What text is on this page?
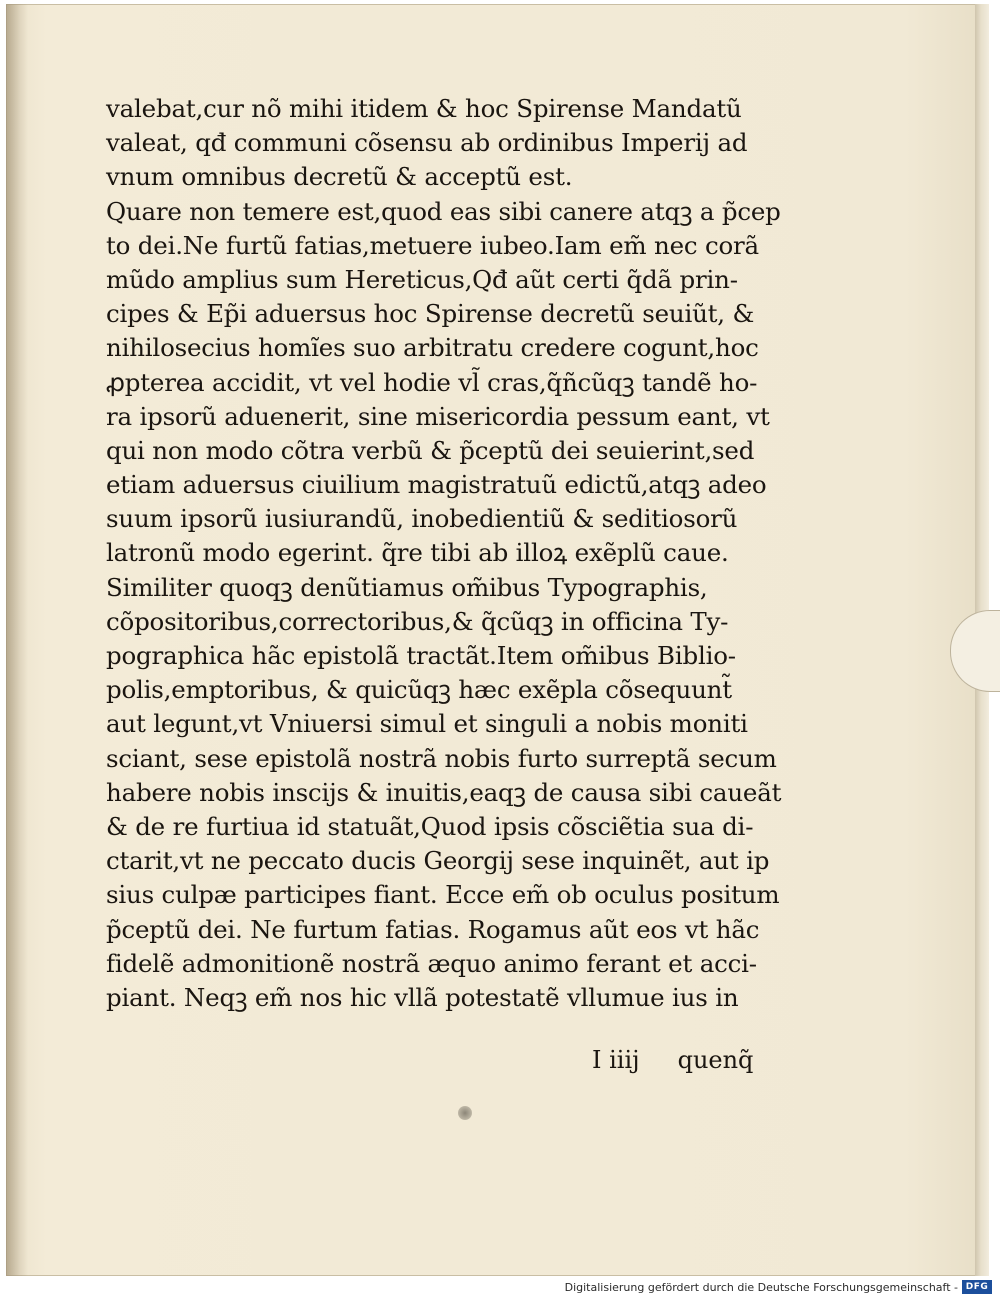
valebat,cur nõ mihi itidem & hoc Spirense Mandatũ
valeat, qđ communi cõsensu ab ordinibus Imperij ad
vnum omnibus decretũ & acceptũ est.
Quare non temere est,quod eas sibi canere atqꝫ a p̃cep
to dei.Ne furtũ fatias,metuere iubeo.Iam em̃ nec corã
mũdo amplius sum Hereticus,Qđ aũt certi q̃dã prin-
cipes & Ep̃i aduersus hoc Spirense decretũ seuiũt, &
nihilosecius homĩes suo arbitratu credere cogunt,hoc
ꝓpterea accidit, vt vel hodie vl̃ cras,q̃ñcũqꝫ tandẽ ho-
ra ipsorũ aduenerit, sine misericordia pessum eant, vt
qui non modo cõtra verbũ & p̃ceptũ dei seuierint,sed
etiam aduersus ciuilium magistratuũ edictũ,atqꝫ adeo
suum ipsorũ iusiurandũ, inobedientiũ & seditiosorũ
latronũ modo egerint. q̃re tibi ab illoꝝ exẽplũ caue.
Similiter quoqꝫ denũtiamus om̃ibus Typographis,
cõpositoribus,correctoribus,& q̃cũqꝫ in officina Ty-
pographica hãc epistolã tractãt.Item om̃ibus Biblio-
polis,emptoribus, & quicũqꝫ hæc exẽpla cõsequunt̃
aut legunt,vt Vniuersi simul et singuli a nobis moniti
sciant, sese epistolã nostrã nobis furto surreptã secum
habere nobis inscijs & inuitis,eaqꝫ de causa sibi caueãt
& de re furtiua id statuãt,Quod ipsis cõsciẽtia sua di-
ctarit,vt ne peccato ducis Georgij sese inquinẽt, aut ip
sius culpæ participes fiant. Ecce em̃ ob oculus positum
p̃ceptũ dei. Ne furtum fatias. Rogamus aũt eos vt hãc
fidelẽ admonitionẽ nostrã æquo animo ferant et acci-
piant. Neqꝫ em̃ nos hic vllã potestatẽ vllumue ius in
I iiij quenq̃
Digitalisierung gefördert durch die Deutsche Forschungsgemeinschaft - DFG
